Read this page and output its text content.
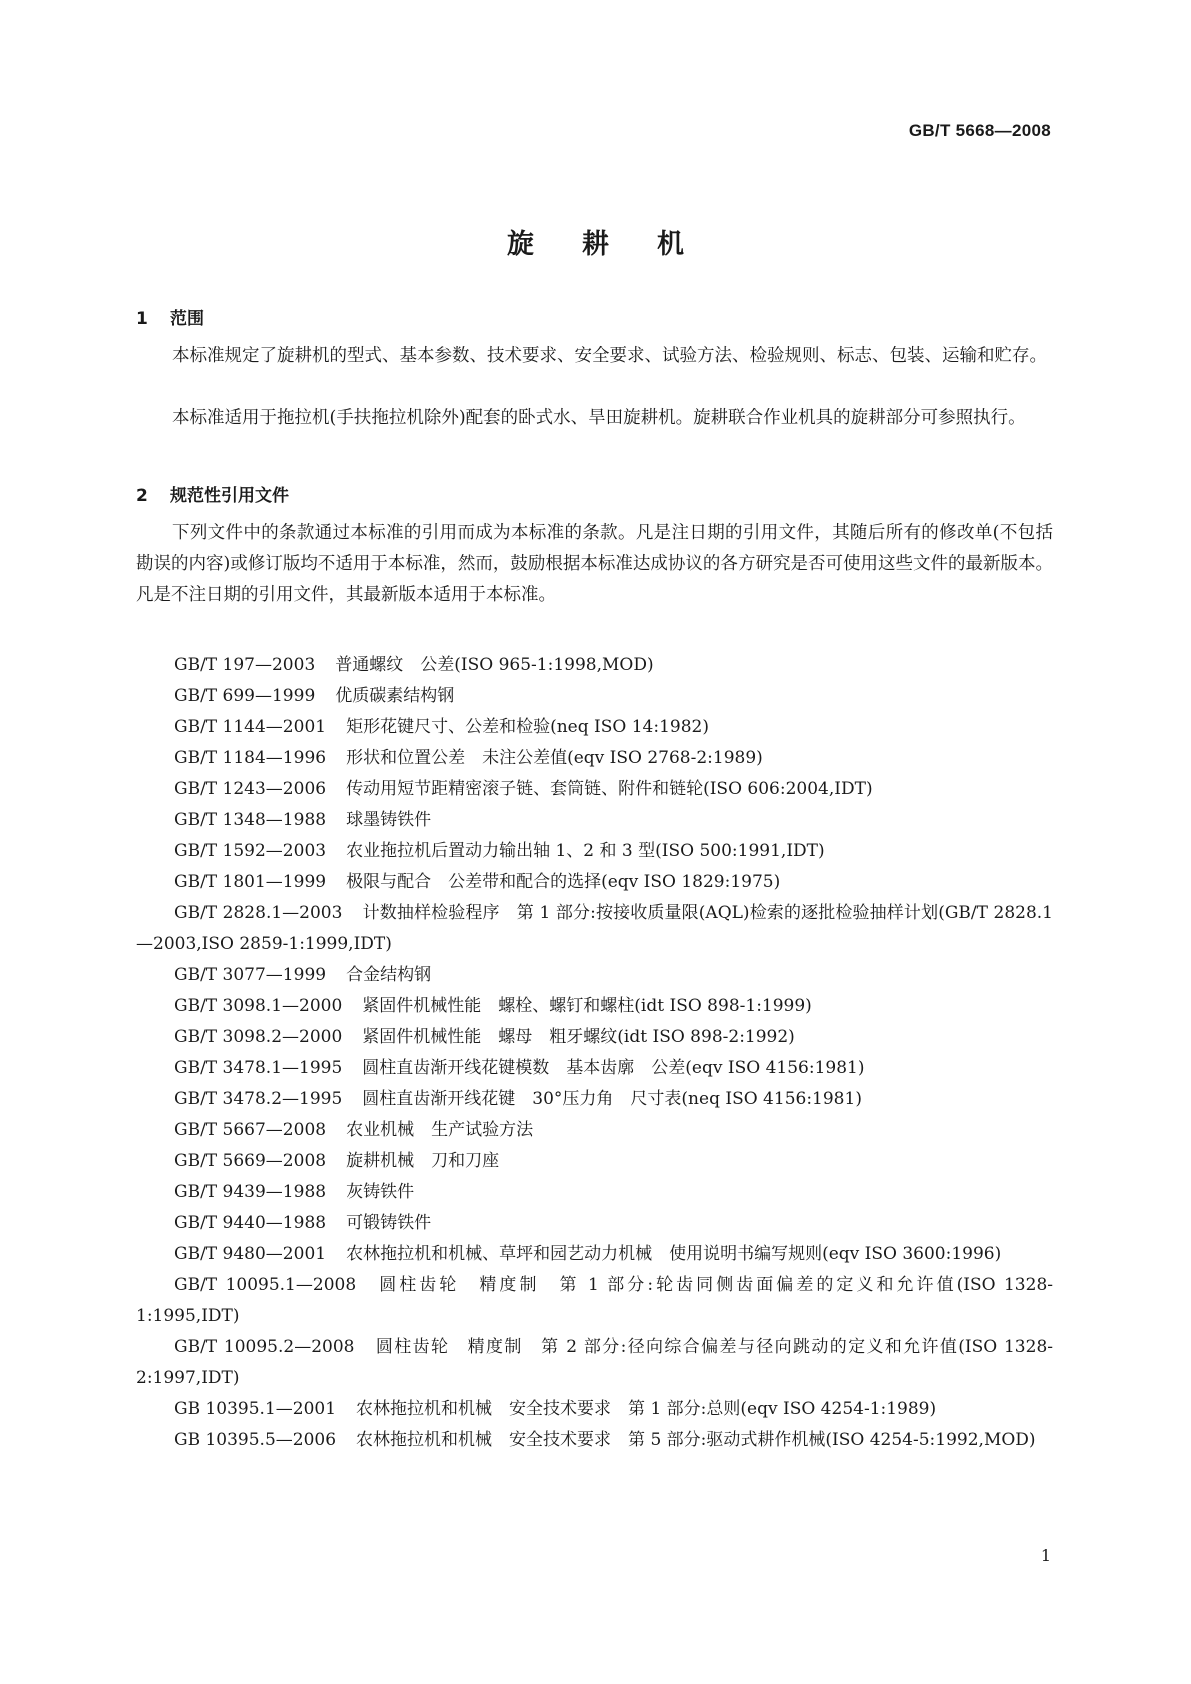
GB/T 5668—2008
旋耕机
1 范围
本标准规定了旋耕机的型式、基本参数、技术要求、安全要求、试验方法、检验规则、标志、包装、运输和贮存。
本标准适用于拖拉机(手扶拖拉机除外)配套的卧式水、旱田旋耕机。旋耕联合作业机具的旋耕部分可参照执行。
2 规范性引用文件
下列文件中的条款通过本标准的引用而成为本标准的条款。凡是注日期的引用文件，其随后所有的修改单(不包括勘误的内容)或修订版均不适用于本标准，然而，鼓励根据本标准达成协议的各方研究是否可使用这些文件的最新版本。凡是不注日期的引用文件，其最新版本适用于本标准。
GB/T 197—2003 普通螺纹　公差(ISO 965-1:1998,MOD)
GB/T 699—1999 优质碳素结构钢
GB/T 1144—2001 矩形花键尺寸、公差和检验(neq ISO 14:1982)
GB/T 1184—1996 形状和位置公差　未注公差值(eqv ISO 2768-2:1989)
GB/T 1243—2006 传动用短节距精密滚子链、套筒链、附件和链轮(ISO 606:2004,IDT)
GB/T 1348—1988 球墨铸铁件
GB/T 1592—2003 农业拖拉机后置动力输出轴 1、2 和 3 型(ISO 500:1991,IDT)
GB/T 1801—1999 极限与配合　公差带和配合的选择(eqv ISO 1829:1975)
GB/T 2828.1—2003 计数抽样检验程序　第 1 部分:按接收质量限(AQL)检索的逐批检验抽样计划(GB/T 2828.1—2003,ISO 2859-1:1999,IDT)
GB/T 3077—1999 合金结构钢
GB/T 3098.1—2000 紧固件机械性能　螺栓、螺钉和螺柱(idt ISO 898-1:1999)
GB/T 3098.2—2000 紧固件机械性能　螺母　粗牙螺纹(idt ISO 898-2:1992)
GB/T 3478.1—1995 圆柱直齿渐开线花键模数　基本齿廓　公差(eqv ISO 4156:1981)
GB/T 3478.2—1995 圆柱直齿渐开线花键　30°压力角　尺寸表(neq ISO 4156:1981)
GB/T 5667—2008 农业机械　生产试验方法
GB/T 5669—2008 旋耕机械　刀和刀座
GB/T 9439—1988 灰铸铁件
GB/T 9440—1988 可锻铸铁件
GB/T 9480—2001 农林拖拉机和机械、草坪和园艺动力机械　使用说明书编写规则(eqv ISO 3600:1996)
GB/T 10095.1—2008 圆柱齿轮　精度制　第 1 部分:轮齿同侧齿面偏差的定义和允许值(ISO 1328-1:1995,IDT)
GB/T 10095.2—2008 圆柱齿轮　精度制　第 2 部分:径向综合偏差与径向跳动的定义和允许值(ISO 1328-2:1997,IDT)
GB 10395.1—2001 农林拖拉机和机械　安全技术要求　第 1 部分:总则(eqv ISO 4254-1:1989)
GB 10395.5—2006 农林拖拉机和机械　安全技术要求　第 5 部分:驱动式耕作机械(ISO 4254-5:1992,MOD)
1
